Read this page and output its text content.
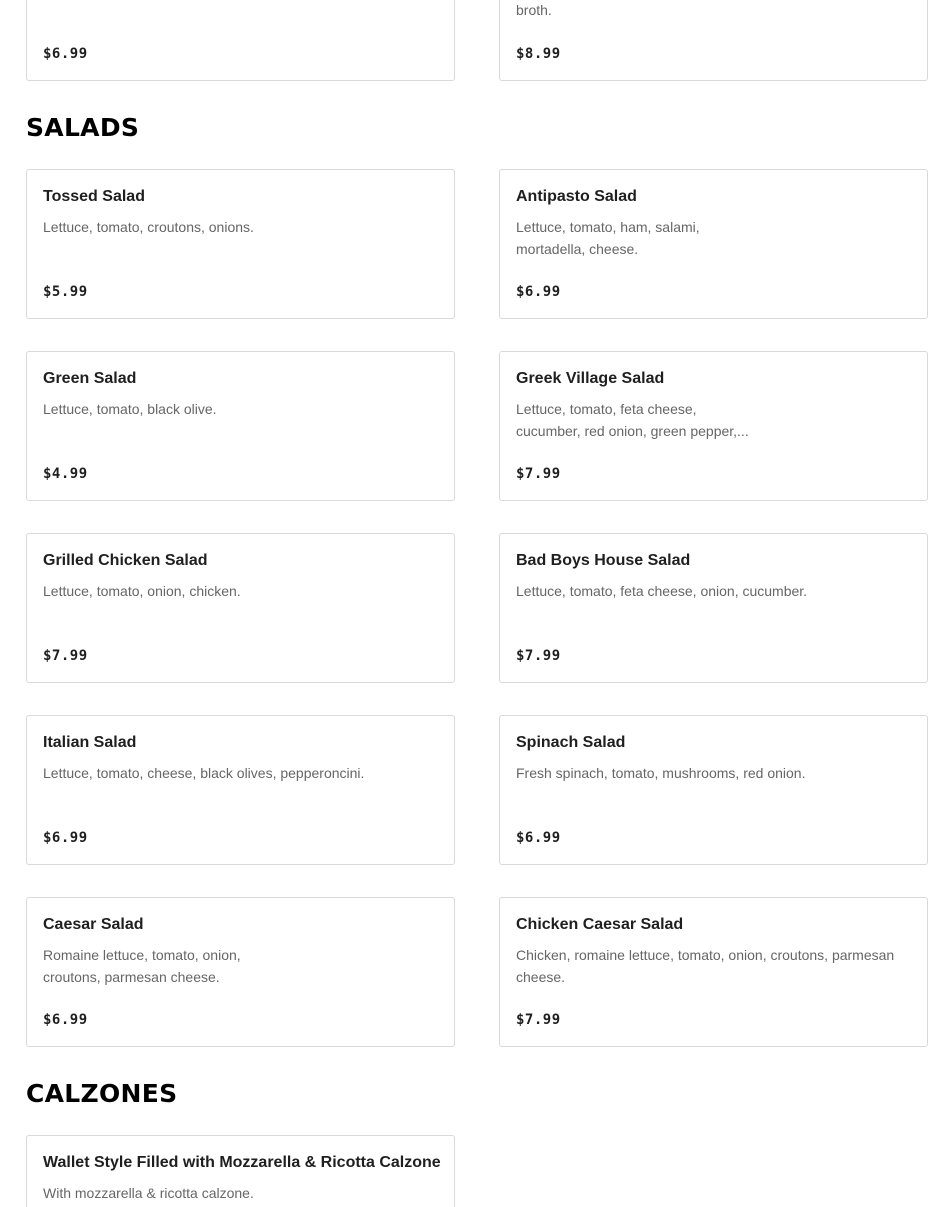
$6.99
broth.
$8.99
SALADS
Tossed Salad
Lettuce, tomato, croutons, onions.
$5.99
Antipasto Salad
Lettuce, tomato, ham, salami, mortadella, cheese.
$6.99
Green Salad
Lettuce, tomato, black olive.
$4.99
Greek Village Salad
Lettuce, tomato, feta cheese, cucumber, red onion, green pepper,...
$7.99
Grilled Chicken Salad
Lettuce, tomato, onion, chicken.
$7.99
Bad Boys House Salad
Lettuce, tomato, feta cheese, onion, cucumber.
$7.99
Italian Salad
Lettuce, tomato, cheese, black olives, pepperoncini.
$6.99
Spinach Salad
Fresh spinach, tomato, mushrooms, red onion.
$6.99
Caesar Salad
Romaine lettuce, tomato, onion, croutons, parmesan cheese.
$6.99
Chicken Caesar Salad
Chicken, romaine lettuce, tomato, onion, croutons, parmesan cheese.
$7.99
CALZONES
Wallet Style Filled with Mozzarella & Ricotta Calzone
With mozzarella & ricotta calzone.
